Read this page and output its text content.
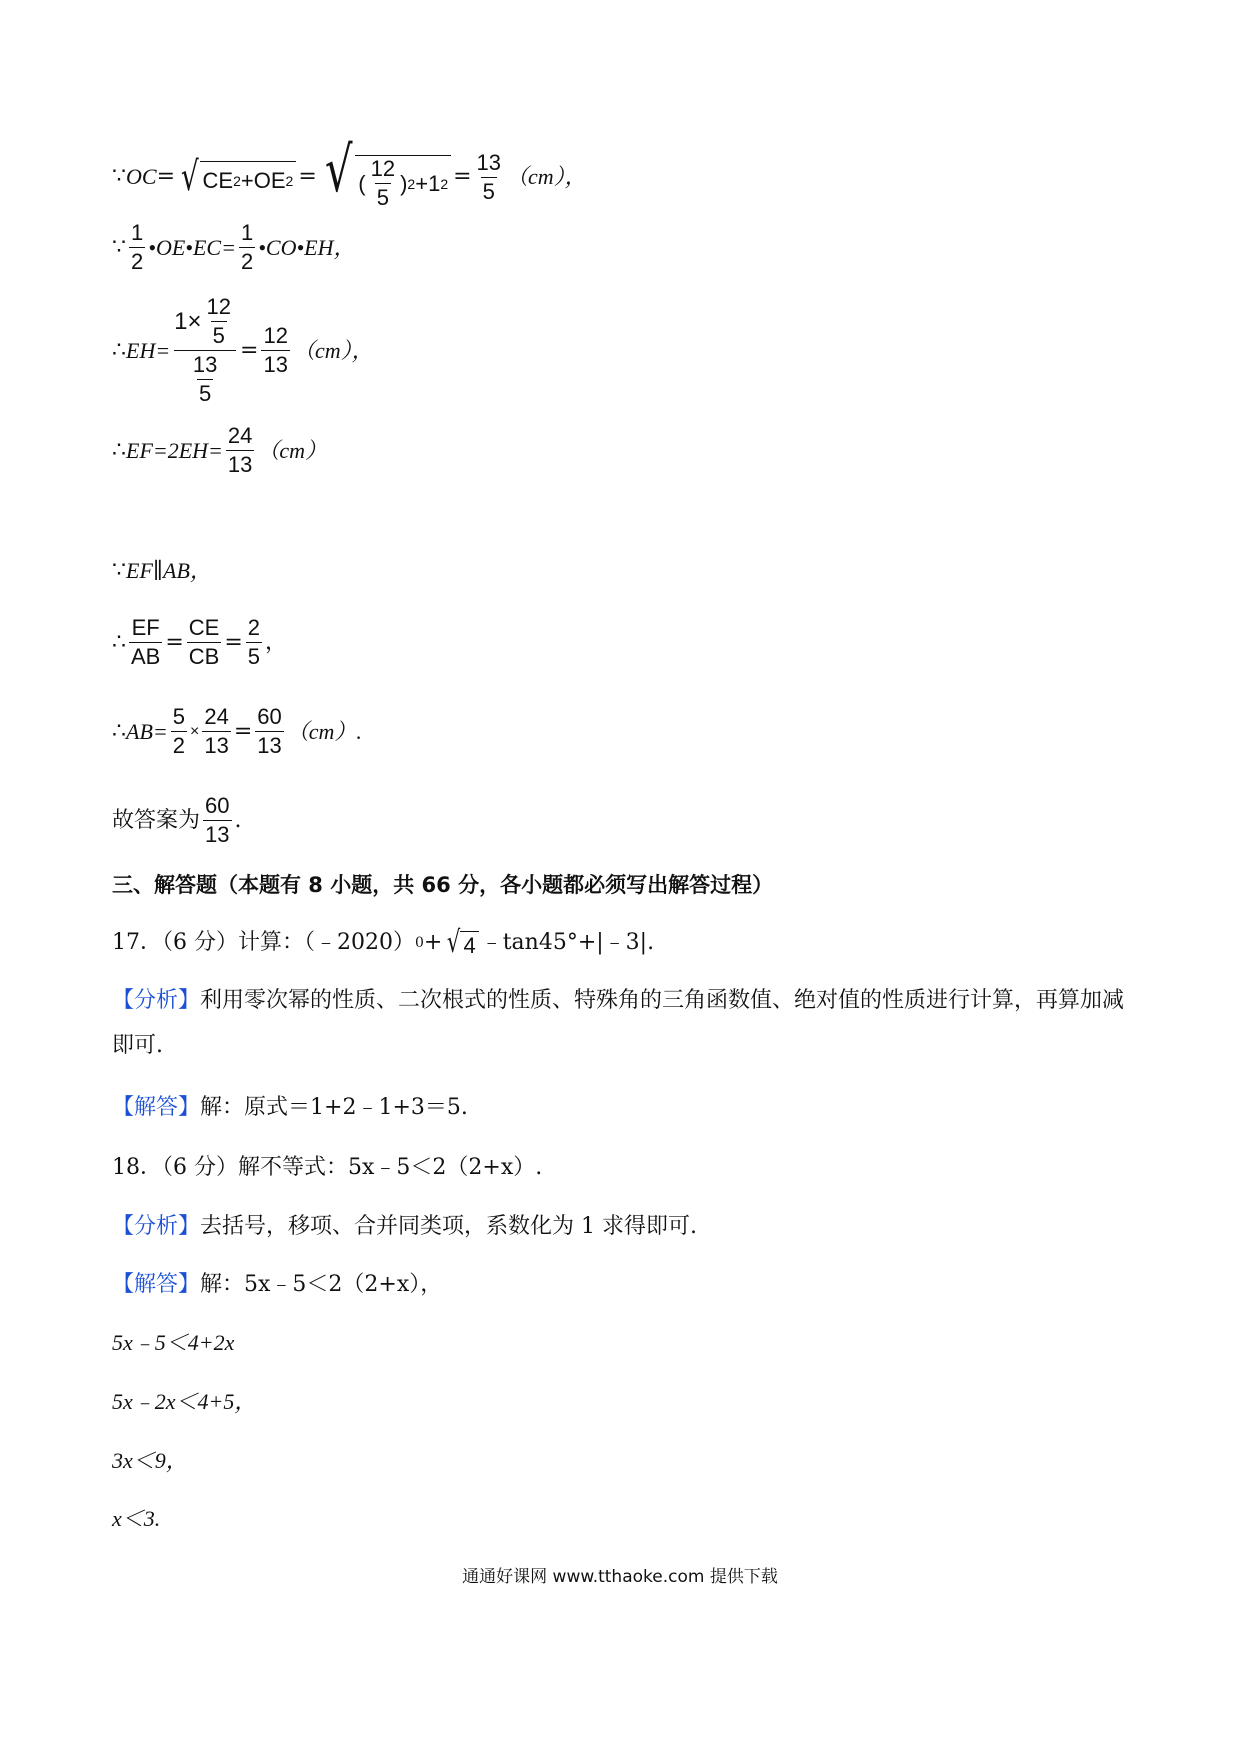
∵ OC = √ CE 2 + OE 2 = √ ( $\frac{12}{5}$ ) 2 + 1 $2 = \frac{13}{5} (cm)$，
∵ $\frac{1}{2}$ •OE•EC= $\frac{1}{2}$ •CO•EH，
∴ $EH= \frac{1 \times \frac{12}{5}}{\frac{13}{5}} = \frac{12}{13} (cm)$，
∴ $EF=2EH= \frac{24}{13} (cm)$
∵ EF∥AB，
∴ $\frac{EF}{AB} = \frac{CE}{CB} = \frac{2}{5}$ ，
∴ $AB= \frac{5}{2} \times \frac{24}{13} = \frac{60}{13} (cm)$.
故答案为 $\frac{60}{13}$ .
三、解答题（本题有 8 小题，共 66 分，各小题都必须写出解答过程）
17．（6 分）计算：（﹣2020） 0 + √ 4 ﹣tan45°+|﹣3|.
【分析】 利用零次幂的性质、二次根式的性质、特殊角的三角函数值、绝对值的性质进行计算，再算加减
即可.
【解答】 解：原式＝1+2﹣1+3＝5.
18．（6 分）解不等式：5x﹣5＜2（2+x）.
【分析】 去括号，移项、合并同类项，系数化为 1 求得即可.
【解答】 解：5x﹣5＜2（2+x），
5x﹣5＜4+2x
5x﹣2x＜4+5，
3x＜9，
x＜3.
通通好课网 www.tthaoke.com 提供下载
